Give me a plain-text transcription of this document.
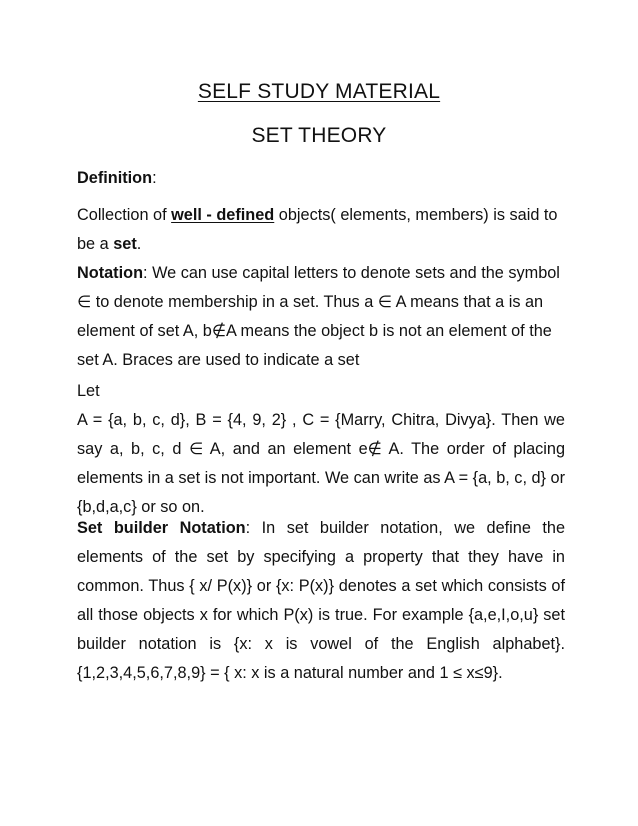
SELF STUDY MATERIAL
SET THEORY
Definition:
Collection of well - defined objects( elements, members) is said to be a set.
Notation: We can use capital letters to denote sets and the symbol ∈ to denote membership in a set. Thus a ∈ A means that a is an element of set A, b∉A means the object b is not an element of the set A. Braces are used to indicate a set
Let
A = {a, b, c, d}, B = {4, 9, 2} , C = {Marry, Chitra, Divya}. Then we say a, b, c, d ∈ A, and an element e∉ A. The order of placing elements in a set is not important. We can write as A = {a, b, c, d} or {b,d,a,c} or so on.
Set builder Notation: In set builder notation, we define the elements of the set by specifying a property that they have in common. Thus { x/ P(x)} or {x: P(x)} denotes a set which consists of all those objects x for which P(x) is true. For example {a,e,I,o,u} set builder notation is {x: x is vowel of the English alphabet}. {1,2,3,4,5,6,7,8,9} = { x: x is a natural number and 1 ≤ x≤9}.
